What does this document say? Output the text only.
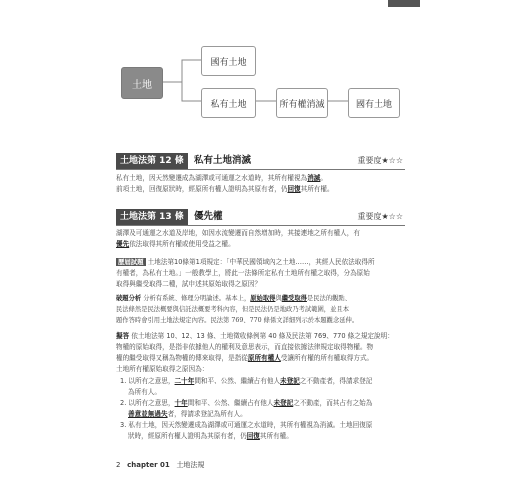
土地
國有土地
私有土地	所有權消滅	國有土地
土地法第 12 條	私有土地消滅	重要度★☆☆
私有土地，因天然變遷成為湖澤或可通運之水道時，其所有權視為消滅。
前項土地，回復原狀時，經原所有權人證明為其原有者，仍回復其所有權。
土地法第 13 條	優先權	重要度★☆☆
湖澤及可通運之水道及岸地，如因水流變遷而自然增加時，其接連地之所有權人，有
優先依法取得其所有權或使用受益之權。
歷屆試題 土地法第10條第1項規定：「中華民國領域內之土地……，其經人民依法取得所
有權者，為私有土地。」一般教學上，將此一法條所定私有土地所有權之取得，分為原始
取得與繼受取得二種，試申述其原始取得之原因？
破題分析 分析有系統、條理分明論述。基本上，原始取得與繼受取得是民法的觀點、
民法條然是民法概要與信託法概要考科內容，但是民法仍是地政乃考試範圍，並且本
題作答時會引用土地法規定內容。民法第 769、770 條係文詳細列示於本題觀念延伸。
擬答 依土地法第 10、12、13 條、土地徵收條例第 40 條及民法第 769、770 條之規定說明：
物權的原始取得，是指非依據他人的權利及意思表示，而直接依據法律規定取得物權。物
權的繼受取得又稱為物權的傳來取得，是指從原所有權人受讓所有權的所有權取得方式。
土地所有權原始取得之原因為：
1. 以所有之意思，二十年間和平、公然、繼續占有他人未登記之不動產者，得請求登記
為所有人。
2. 以所有之意思，十年間和平、公然、繼續占有他人未登記之不動產，而其占有之始為
善意並無過失者，得請求登記為所有人。
3. 私有土地，因天然變遷成為湖澤或可通運之水道時，其所有權視為消滅。土地回復原
狀時，經原所有權人證明為其原有者，仍回復其所有權。
2 chapter 01 土地法規
